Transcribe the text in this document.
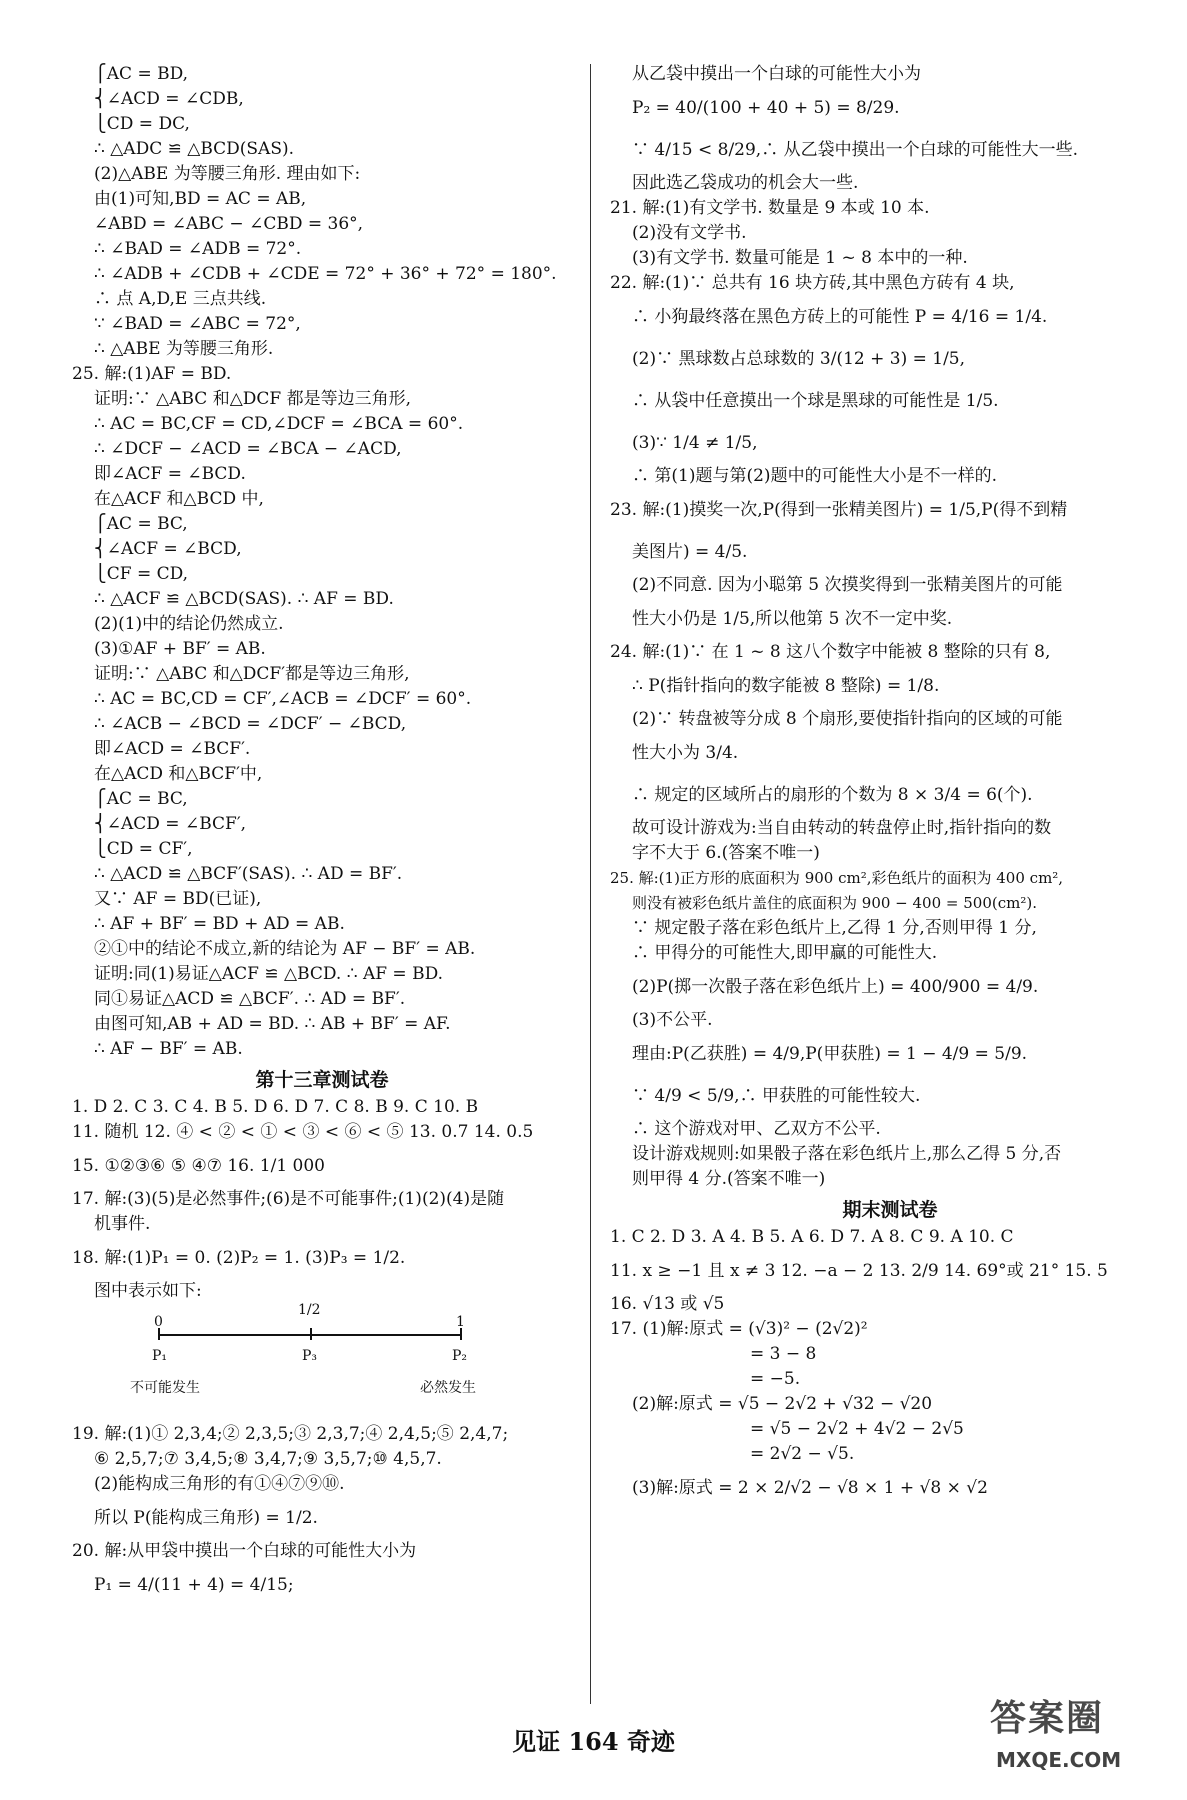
⎧AC = BD,
⎨∠ACD = ∠CDB,
⎩CD = DC,
∴ △ADC ≌ △BCD(SAS).
(2)△ABE 为等腰三角形. 理由如下:
由(1)可知,BD = AC = AB,
∠ABD = ∠ABC − ∠CBD = 36°,
∴ ∠BAD = ∠ADB = 72°.
∴ ∠ADB + ∠CDB + ∠CDE = 72° + 36° + 72° = 180°.
∴ 点 A,D,E 三点共线.
∵ ∠BAD = ∠ABC = 72°,
∴ △ABE 为等腰三角形.
25. 解:(1)AF = BD.
证明:∵ △ABC 和△DCF 都是等边三角形,
∴ AC = BC,CF = CD,∠DCF = ∠BCA = 60°.
∴ ∠DCF − ∠ACD = ∠BCA − ∠ACD,
即∠ACF = ∠BCD.
在△ACF 和△BCD 中,
⎧AC = BC,
⎨∠ACF = ∠BCD,
⎩CF = CD,
∴ △ACF ≌ △BCD(SAS). ∴ AF = BD.
(2)(1)中的结论仍然成立.
(3)①AF + BF′ = AB.
证明:∵ △ABC 和△DCF′都是等边三角形,
∴ AC = BC,CD = CF′,∠ACB = ∠DCF′ = 60°.
∴ ∠ACB − ∠BCD = ∠DCF′ − ∠BCD,
即∠ACD = ∠BCF′.
在△ACD 和△BCF′中,
⎧AC = BC,
⎨∠ACD = ∠BCF′,
⎩CD = CF′,
∴ △ACD ≌ △BCF′(SAS). ∴ AD = BF′.
又∵ AF = BD(已证),
∴ AF + BF′ = BD + AD = AB.
②①中的结论不成立,新的结论为 AF − BF′ = AB.
证明:同(1)易证△ACF ≌ △BCD. ∴ AF = BD.
同①易证△ACD ≌ △BCF′. ∴ AD = BF′.
由图可知,AB + AD = BD. ∴ AB + BF′ = AF.
∴ AF − BF′ = AB.
第十三章测试卷
1. D 2. C 3. C 4. B 5. D 6. D 7. C 8. B 9. C 10. B
11. 随机 12. ④ < ② < ① < ③ < ⑥ < ⑤ 13. 0.7 14. 0.5
15. ①②③⑥ ⑤ ④⑦ 16. 1/1 000
17. 解:(3)(5)是必然事件;(6)是不可能事件;(1)(2)(4)是随
机事件.
18. 解:(1)P₁ = 0. (2)P₂ = 1. (3)P₃ = 1/2.
图中表示如下:
0
1/2
1
P₁	P₃	P₂
不可能发生	必然发生
19. 解:(1)① 2,3,4;② 2,3,5;③ 2,3,7;④ 2,4,5;⑤ 2,4,7;
⑥ 2,5,7;⑦ 3,4,5;⑧ 3,4,7;⑨ 3,5,7;⑩ 4,5,7.
(2)能构成三角形的有①④⑦⑨⑩.
所以 P(能构成三角形) = 1/2.
20. 解:从甲袋中摸出一个白球的可能性大小为
P₁ = 4/(11 + 4) = 4/15;
从乙袋中摸出一个白球的可能性大小为
P₂ = 40/(100 + 40 + 5) = 8/29.
∵ 4/15 < 8/29,∴ 从乙袋中摸出一个白球的可能性大一些.
因此选乙袋成功的机会大一些.
21. 解:(1)有文学书. 数量是 9 本或 10 本.
(2)没有文学书.
(3)有文学书. 数量可能是 1 ~ 8 本中的一种.
22. 解:(1)∵ 总共有 16 块方砖,其中黑色方砖有 4 块,
∴ 小狗最终落在黑色方砖上的可能性 P = 4/16 = 1/4.
(2)∵ 黑球数占总球数的 3/(12 + 3) = 1/5,
∴ 从袋中任意摸出一个球是黑球的可能性是 1/5.
(3)∵ 1/4 ≠ 1/5,
∴ 第(1)题与第(2)题中的可能性大小是不一样的.
23. 解:(1)摸奖一次,P(得到一张精美图片) = 1/5,P(得不到精
美图片) = 4/5.
(2)不同意. 因为小聪第 5 次摸奖得到一张精美图片的可能
性大小仍是 1/5,所以他第 5 次不一定中奖.
24. 解:(1)∵ 在 1 ~ 8 这八个数字中能被 8 整除的只有 8,
∴ P(指针指向的数字能被 8 整除) = 1/8.
(2)∵ 转盘被等分成 8 个扇形,要使指针指向的区域的可能
性大小为 3/4.
∴ 规定的区域所占的扇形的个数为 8 × 3/4 = 6(个).
故可设计游戏为:当自由转动的转盘停止时,指针指向的数
字不大于 6.(答案不唯一)
25. 解:(1)正方形的底面积为 900 cm²,彩色纸片的面积为 400 cm²,
则没有被彩色纸片盖住的底面积为 900 − 400 = 500(cm²).
∵ 规定骰子落在彩色纸片上,乙得 1 分,否则甲得 1 分,
∴ 甲得分的可能性大,即甲赢的可能性大.
(2)P(掷一次骰子落在彩色纸片上) = 400/900 = 4/9.
(3)不公平.
理由:P(乙获胜) = 4/9,P(甲获胜) = 1 − 4/9 = 5/9.
∵ 4/9 < 5/9,∴ 甲获胜的可能性较大.
∴ 这个游戏对甲、乙双方不公平.
设计游戏规则:如果骰子落在彩色纸片上,那么乙得 5 分,否
则甲得 4 分.(答案不唯一)
期末测试卷
1. C 2. D 3. A 4. B 5. A 6. D 7. A 8. C 9. A 10. C
11. x ≥ −1 且 x ≠ 3 12. −a − 2 13. 2/9 14. 69°或 21° 15. 5
16. √13 或 √5
17. (1)解:原式 = (√3)² − (2√2)²
= 3 − 8
= −5.
(2)解:原式 = √5 − 2√2 + √32 − √20
= √5 − 2√2 + 4√2 − 2√5
= 2√2 − √5.
(3)解:原式 = 2 × 2/√2 − √8 × 1 + √8 × √2
见证 164 奇迹
答案圈
MXQE.COM
